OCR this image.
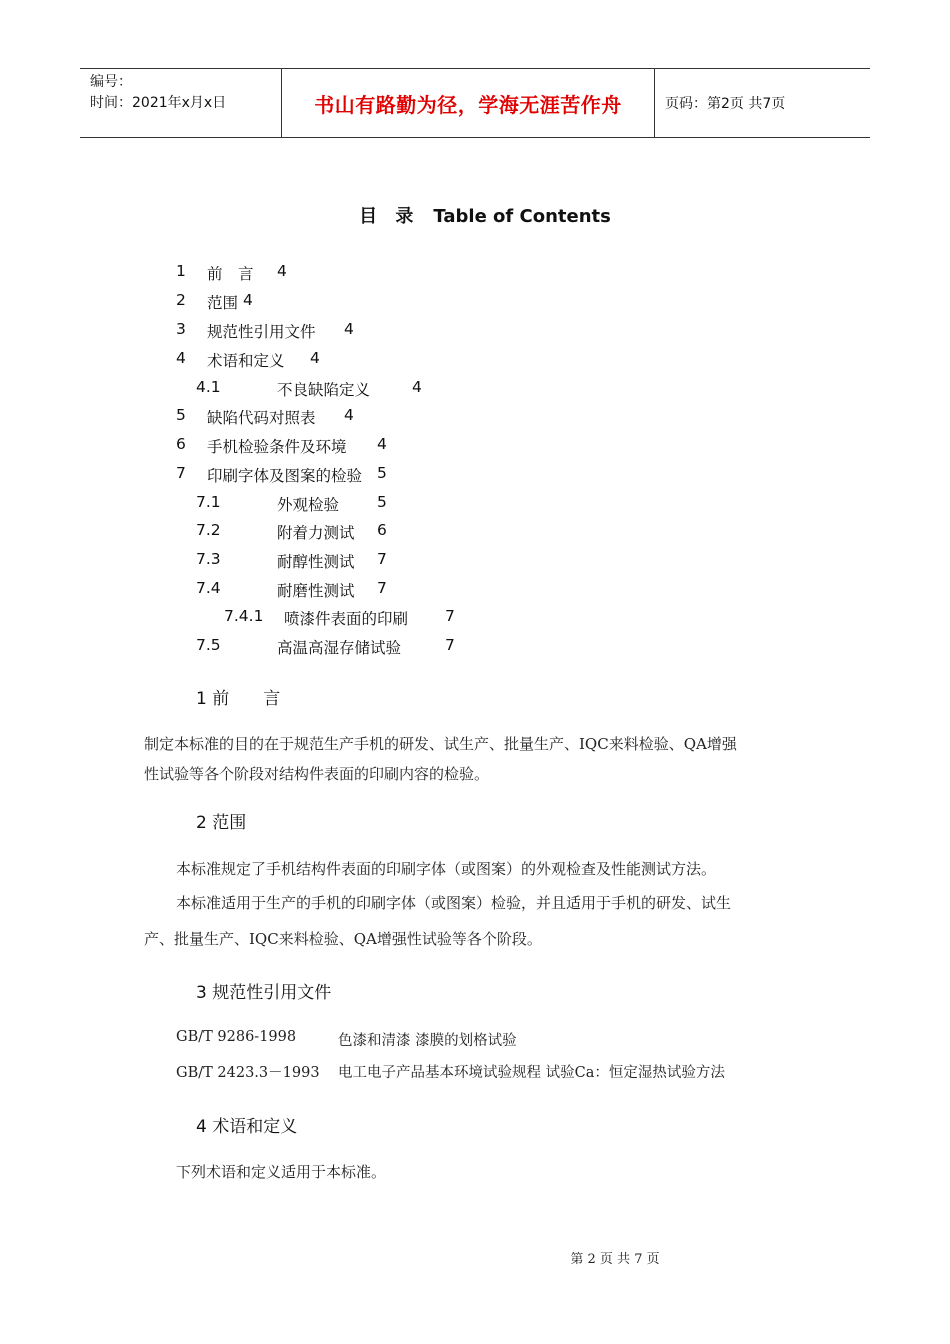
编号：
时间：2021年x月x日	书山有路勤为径，学海无涯苦作舟	页码：第2页 共7页
目 录 Table of Contents
1 前　言 4
2 范围 4
3 规范性引用文件 4
4 术语和定义 4
4.1	不良缺陷定义	4
5 缺陷代码对照表 4
6 手机检验条件及环境 4
7 印刷字体及图案的检验 5
7.1	外观检验 5
7.2	附着力测试 6
7.3	耐醇性测试 7
7.4	耐磨性测试 7
7.4.1 喷漆件表面的印刷 7
7.5	高温高湿存储试验	7
1 前　　言
制定本标准的目的在于规范生产手机的研发、试生产、批量生产、IQC来料检验、QA增强
性试验等各个阶段对结构件表面的印刷内容的检验。
2 范围
本标准规定了手机结构件表面的印刷字体（或图案）的外观检查及性能测试方法。
本标准适用于生产的手机的印刷字体（或图案）检验，并且适用于手机的研发、试生
产、批量生产、IQC来料检验、QA增强性试验等各个阶段。
3 规范性引用文件
GB/T 9286-1998	色漆和清漆 漆膜的划格试验
GB/T 2423.3－1993 电工电子产品基本环境试验规程 试验Ca：恒定湿热试验方法
4 术语和定义
下列术语和定义适用于本标准。
第 2 页 共 7 页
